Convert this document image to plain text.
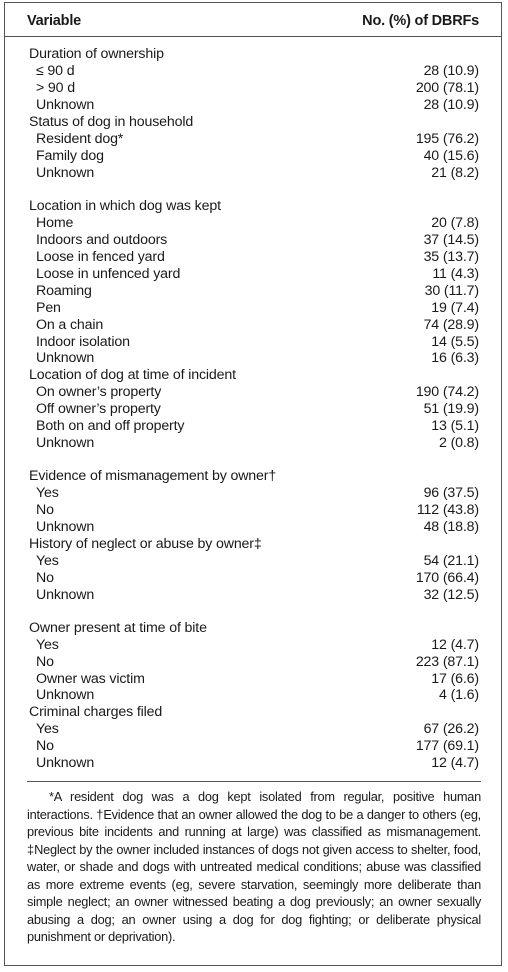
Variable	No. (%) of DBRFs
Duration of ownership
≤ 90 d	28 (10.9)
> 90 d	200 (78.1)
Unknown	28 (10.9)
Status of dog in household
Resident dog*	195 (76.2)
Family dog	40 (15.6)
Unknown	21 (8.2)
Location in which dog was kept
Home	20 (7.8)
Indoors and outdoors	37 (14.5)
Loose in fenced yard	35 (13.7)
Loose in unfenced yard	11 (4.3)
Roaming	30 (11.7)
Pen	19 (7.4)
On a chain	74 (28.9)
Indoor isolation	14 (5.5)
Unknown	16 (6.3)
Location of dog at time of incident
On owner’s property	190 (74.2)
Off owner’s property	51 (19.9)
Both on and off property	13 (5.1)
Unknown	2 (0.8)
Evidence of mismanagement by owner†
Yes	96 (37.5)
No	112 (43.8)
Unknown	48 (18.8)
History of neglect or abuse by owner‡
Yes	54 (21.1)
No	170 (66.4)
Unknown	32 (12.5)
Owner present at time of bite
Yes	12 (4.7)
No	223 (87.1)
Owner was victim	17 (6.6)
Unknown	4 (1.6)
Criminal charges filed
Yes	67 (26.2)
No	177 (69.1)
Unknown	12 (4.7)
*A resident dog was a dog kept isolated from regular, positive human interactions. †Evidence that an owner allowed the dog to be a danger to others (eg, previous bite incidents and running at large) was classified as mismanagement. ‡Neglect by the owner included instances of dogs not given access to shelter, food, water, or shade and dogs with untreated medical conditions; abuse was classified as more extreme events (eg, severe starvation, seemingly more deliberate than simple neglect; an owner witnessed beating a dog previously; an owner sexually abusing a dog; an owner using a dog for dog fighting; or deliberate physical punishment or deprivation).
